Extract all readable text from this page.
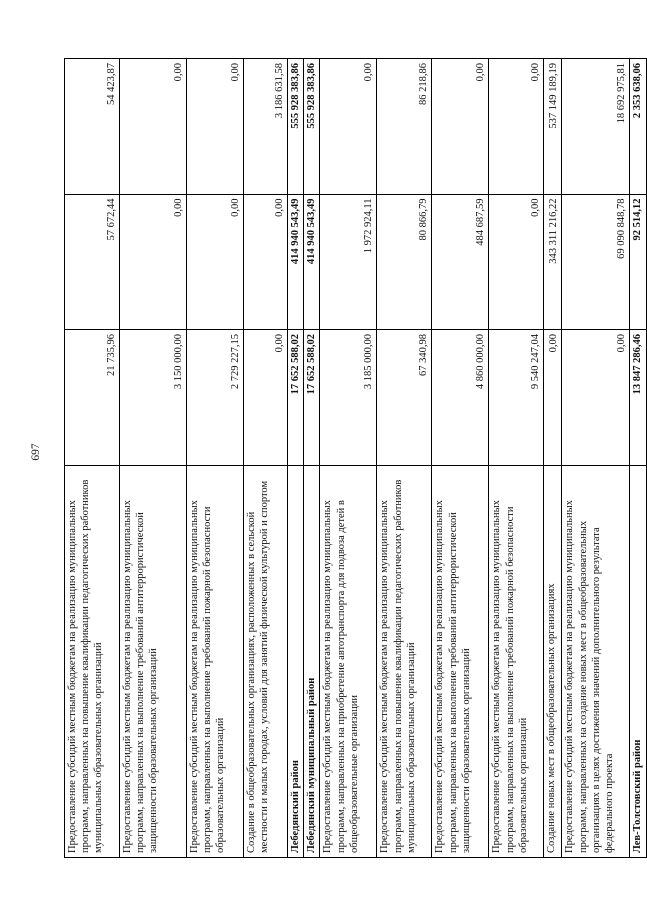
697
Предоставление субсидий местным бюджетам на реализацию муниципальных программ, направленных на повышение квалификации педагогических работников муниципальных образовательных организаций	21 735,96	57 672,44	54 423,87
Предоставление субсидий местным бюджетам на реализацию муниципальных программ, направленных на выполнение требований антитеррористической защищенности образовательных организаций	3 150 000,00	0,00	0,00
Предоставление субсидий местным бюджетам на реализацию муниципальных программ, направленных на выполнение требований пожарной безопасности образовательных организаций	2 729 227,15	0,00	0,00
Создание в общеобразовательных организациях, расположенных в сельской местности и малых городах, условий для занятий физической культурой и спортом	0,00	0,00	3 186 631,58
Лебедянский район	17 652 588,02	414 940 543,49	555 928 383,86
Лебедянский муниципальный район	17 652 588,02	414 940 543,49	555 928 383,86
Предоставление субсидий местным бюджетам на реализацию муниципальных программ, направленных на приобретение автотранспорта для подвоза детей в общеобразовательные организации	3 185 000,00	1 972 924,11	0,00
Предоставление субсидий местным бюджетам на реализацию муниципальных программ, направленных на повышение квалификации педагогических работников муниципальных образовательных организаций	67 340,98	80 866,79	86 218,86
Предоставление субсидий местным бюджетам на реализацию муниципальных программ, направленных на выполнение требований антитеррористической защищенности образовательных организаций	4 860 000,00	484 687,59	0,00
Предоставление субсидий местным бюджетам на реализацию муниципальных программ, направленных на выполнение требований пожарной безопасности образовательных организаций	9 540 247,04	0,00	0,00
Создание новых мест в общеобразовательных организациях	0,00	343 311 216,22	537 149 189,19
Предоставление субсидий местным бюджетам на реализацию муниципальных программ, направленных на создание новых мест в общеобразовательных организациях в целях достижения значений дополнительного результата федерального проекта	0,00	69 090 848,78	18 692 975,81
Лев-Толстовский район	13 847 286,46	92 514,12	2 353 638,06
